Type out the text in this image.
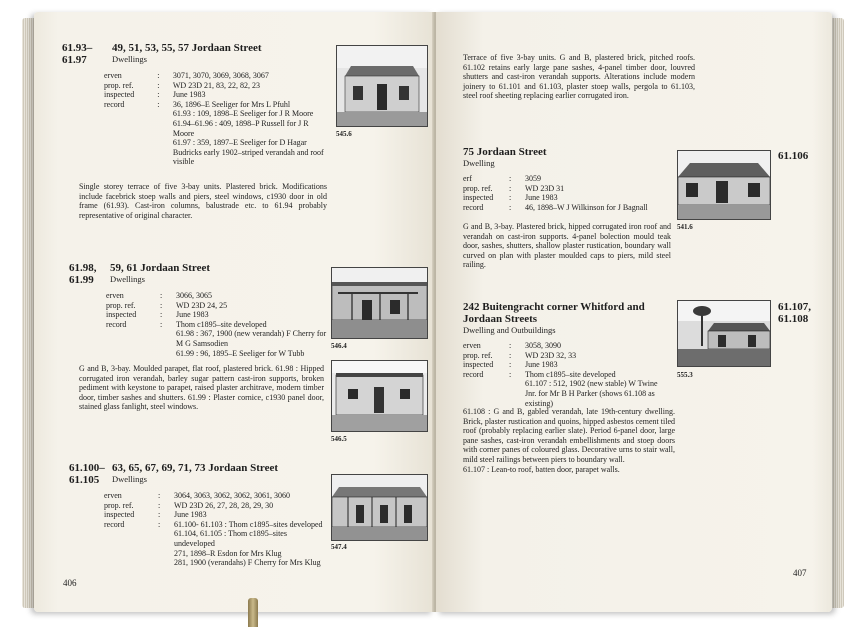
61.93–
61.97
49, 51, 53, 55, 57 Jordaan Street
Dwellings
erven	:	3071, 3070, 3069, 3068, 3067

prop. ref.	:	WD 23D 21, 83, 22, 82, 23

inspected	:	June 1983

record	:	36, 1896–E Seeliger for Mrs L Pfuhl
61.93 : 109, 1898–E Seeliger for J R Moore
61.94–61.96 : 409, 1898–P Russell for J R Moore
61.97 : 359, 1897–E Seeliger for D Hagar Budricks early 1902–striped verandah and roof visible
545.6
Single storey terrace of five 3-bay units. Plastered brick. Modifications include facebrick stoep walls and piers, steel windows, c1930 door in old frame (61.93). Cast-iron columns, balustrade etc. to 61.94 probably representative of original character.
61.98,
61.99
59, 61 Jordaan Street
Dwellings
erven	:	3066, 3065

prop. ref.	:	WD 23D 24, 25

inspected	:	June 1983

record	:	Thom c1895–site developed
61.98 : 367, 1900 (new verandah) F Cherry for M G Samsodien
61.99 : 96, 1895–E Seeliger for W Tubb
546.4
G and B, 3-bay. Moulded parapet, flat roof, plastered brick. 61.98 : Hipped corrugated iron verandah, barley sugar pattern cast-iron supports, broken pediment with keystone to parapet, raised plaster architrave, modern timber door, timber sashes and shutters. 61.99 : Plaster cornice, c1930 panel door, stained glass fanlight, steel windows.
546.5
61.100–
61.105
63, 65, 67, 69, 71, 73 Jordaan Street
Dwellings
erven	:	3064, 3063, 3062, 3062, 3061, 3060

prop. ref.	:	WD 23D 26, 27, 28, 28, 29, 30

inspected	:	June 1983

record	:	61.100- 61.103 : Thom c1895–sites developed
61.104, 61.105 : Thom c1895–sites undeveloped
271, 1898–R Esdon for Mrs Klug
281, 1900 (verandahs) F Cherry for Mrs Klug
547.4
406
Terrace of five 3-bay units. G and B, plastered brick, pitched roofs. 61.102 retains early large pane sashes, 4-panel timber door, louvred shutters and cast-iron verandah supports. Alterations include modern joinery to 61.101 and 61.103, plaster stoep walls, pergola to 61.103, steel roof sheeting replacing earlier corrugated iron.
75 Jordaan Street
Dwelling
erf	:	3059

prop. ref.	:	WD 23D 31

inspected	:	June 1983

record	:	46, 1898–W J Wilkinson for J Bagnall
541.6
61.106
G and B, 3-bay. Plastered brick, hipped corrugated iron roof and verandah on cast-iron supports. 4-panel bolection mould teak door, sashes, shutters, shallow plaster rustication, boundary wall curved on plan with plaster moulded caps to piers, mild steel railing.
242 Buitengracht corner Whitford and Jordaan Streets
Dwelling and Outbuildings
erven	:	3058, 3090

prop. ref.	:	WD 23D 32, 33

inspected	:	June 1983

record	:	Thom c1895–site developed
61.107 : 512, 1902 (new stable) W Twine Jnr. for Mr B H Parker (shows 61.108 as existing)
555.3
61.107,
61.108
61.108 : G and B, gabled verandah, late 19th-century dwelling. Brick, plaster rustication and quoins, hipped asbestos cement tiled roof (probably replacing earlier slate). Period 6-panel door, large pane sashes, cast-iron verandah embellishments and stoep doors with corner panes of coloured glass. Decorative urns to stair wall, mild steel railings between piers to boundary wall.
61.107 : Lean-to roof, batten door, parapet walls.
407
